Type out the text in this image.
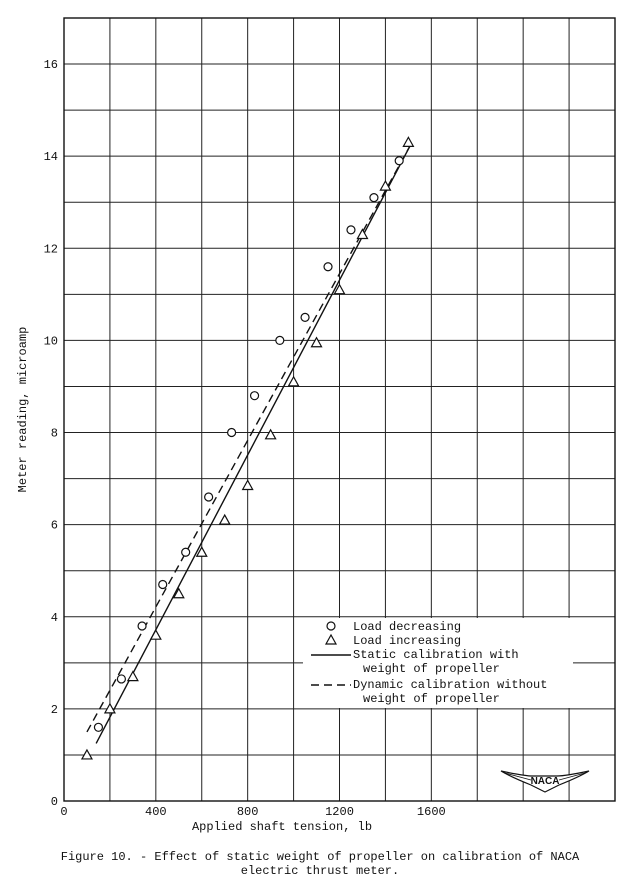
0	400	800	1200	1600
0
2
4
6
8
10
12
14
16
Applied shaft tension, lb
Meter reading, microamp
Load decreasing
Load increasing
Static calibration with
weight of propeller
Dynamic calibration without
weight of propeller
NACA
Figure 10. - Effect of static weight of propeller on calibration of NACA
electric thrust meter.
